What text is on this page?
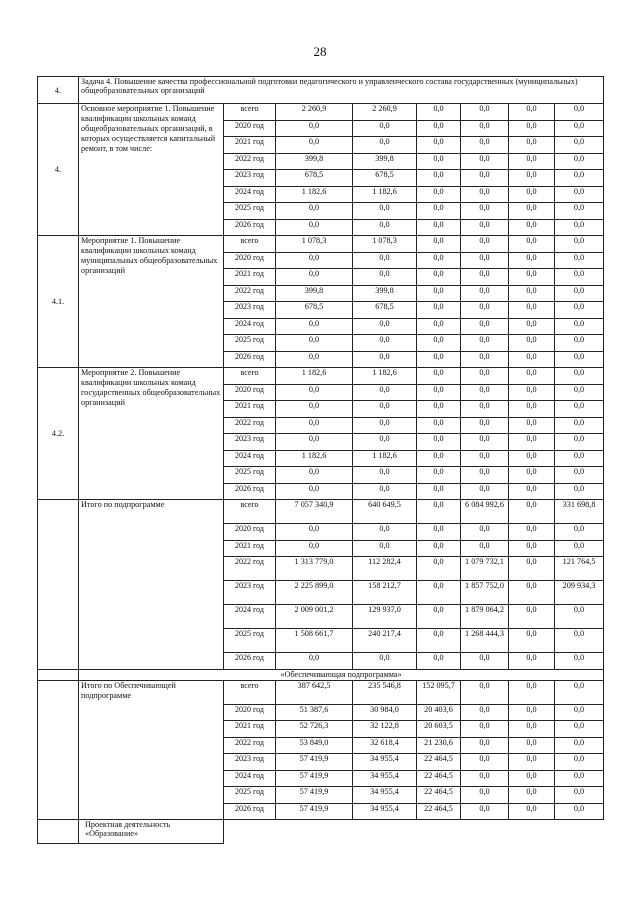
28
4.	Задача 4. Повышение качества профессиональной подготовки педагогического и управленческого состава государственных (муниципальных) общеобразовательных организаций							
4.	Основное мероприятие 1. Повышение квалификации школьных команд общеобразовательных организаций, в которых осуществляется капитальный ремонт, в том числе:	всего	2 260,9	2 260,9	0,0	0,0	0,0	0,0
		2020 год	0,0	0,0	0,0	0,0	0,0	0,0
		2021 год	0,0	0,0	0,0	0,0	0,0	0,0
		2022 год	399,8	399,8	0,0	0,0	0,0	0,0
		2023 год	678,5	678,5	0,0	0,0	0,0	0,0
		2024 год	1 182,6	1 182,6	0,0	0,0	0,0	0,0
		2025 год	0,0	0,0	0,0	0,0	0,0	0,0
		2026 год	0,0	0,0	0,0	0,0	0,0	0,0
4.1.	Мероприятие 1. Повышение квалификации школьных команд муниципальных общеобразовательных организаций	всего	1 078,3	1 078,3	0,0	0,0	0,0	0,0
		2020 год	0,0	0,0	0,0	0,0	0,0	0,0
		2021 год	0,0	0,0	0,0	0,0	0,0	0,0
		2022 год	399,8	399,8	0,0	0,0	0,0	0,0
		2023 год	678,5	678,5	0,0	0,0	0,0	0,0
		2024 год	0,0	0,0	0,0	0,0	0,0	0,0
		2025 год	0,0	0,0	0,0	0,0	0,0	0,0
		2026 год	0,0	0,0	0,0	0,0	0,0	0,0
4.2.	Мероприятие 2. Повышение квалификации школьных команд государственных общеобразовательных организаций	всего	1 182,6	1 182,6	0,0	0,0	0,0	0,0
		2020 год	0,0	0,0	0,0	0,0	0,0	0,0
		2021 год	0,0	0,0	0,0	0,0	0,0	0,0
		2022 год	0,0	0,0	0,0	0,0	0,0	0,0
		2023 год	0,0	0,0	0,0	0,0	0,0	0,0
		2024 год	1 182,6	1 182,6	0,0	0,0	0,0	0,0
		2025 год	0,0	0,0	0,0	0,0	0,0	0,0
		2026 год	0,0	0,0	0,0	0,0	0,0	0,0
	Итого по подпрограмме	всего	7 057 340,9	640 649,5	0,0	6 084 992,6	0,0	331 698,8
		2020 год	0,0	0,0	0,0	0,0	0,0	0,0
		2021 год	0,0	0,0	0,0	0,0	0,0	0,0
		2022 год	1 313 779,0	112 282,4	0,0	1 079 732,1	0,0	121 764,5
		2023 год	2 225 899,0	158 212,7	0,0	1 857 752,0	0,0	209 934,3
		2024 год	2 009 001,2	129 937,0	0,0	1 879 064,2	0,0	0,0
		2025 год	1 508 661,7	240 217,4	0,0	1 268 444,3	0,0	0,0
		2026 год	0,0	0,0	0,0	0,0	0,0	0,0
	«Обеспечивающая подпрограмма»							
	Итого по Обеспечивающей подпрограмме	всего	387 642,5	235 546,8	152 095,7	0,0	0,0	0,0
		2020 год	51 387,6	30 984,0	20 403,6	0,0	0,0	0,0
		2021 год	52 726,3	32 122,8	20 603,5	0,0	0,0	0,0
		2022 год	53 849,0	32 618,4	21 230,6	0,0	0,0	0,0
		2023 год	57 419,9	34 955,4	22 464,5	0,0	0,0	0,0
		2024 год	57 419,9	34 955,4	22 464,5	0,0	0,0	0,0
		2025 год	57 419,9	34 955,4	22 464,5	0,0	0,0	0,0
		2026 год	57 419,9	34 955,4	22 464,5	0,0	0,0	0,0
	Проектная деятельность «Образование»							
